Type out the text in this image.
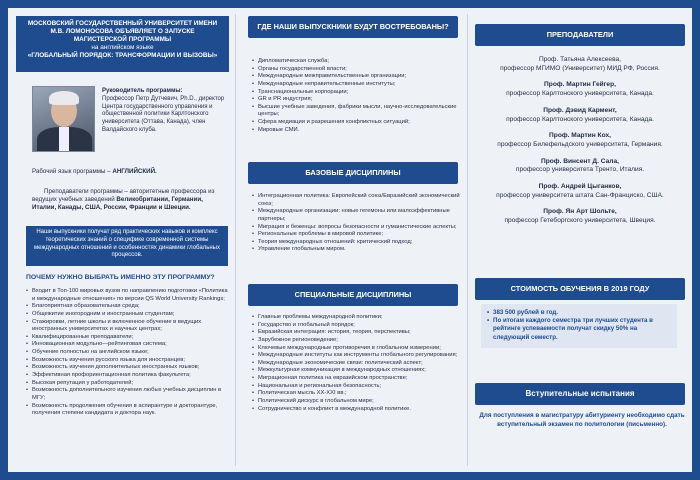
МОСКОВСКИЙ ГОСУДАРСТВЕННЫЙ УНИВЕРСИТЕТ ИМЕНИ
М.В. ЛОМОНОСОВА ОБЪЯВЛЯЕТ О ЗАПУСКЕ
МАГИСТЕРСКОЙ ПРОГРАММЫ
на английском языке
«ГЛОБАЛЬНЫЙ ПОРЯДОК: ТРАНСФОРМАЦИИ И ВЫЗОВЫ»
Руководитель программы:
Профессор Петр Дутчевич, Ph.D., директор Центра государственного управления и общественной политики Карлтонского университета (Оттава, Канада), член Валдайского клуба.
Рабочий язык программы – АНГЛИЙСКИЙ.
Преподаватели программы – авторитетные профессора из ведущих учебных заведений Великобритании, Германии, Италии, Канады, США, России, Франции и Швеции.
Наши выпускники получат ряд практических навыков и комплекс теоретических знаний о специфике современной системы международных отношений и особенностях динамики глобальных процессов.
ПОЧЕМУ НУЖНО ВЫБРАТЬ ИМЕННО ЭТУ ПРОГРАММУ?
• Входит в Топ-100 мировых вузов по направлению подготовки «Политика и международные отношения» по версии QS World University Rankings;
• Благоприятная образовательная среда;
• Общежитие иногородним и иностранным студентам;
• Стажировки, летние школы и включенное обучение в ведущих иностранных университетах и научных центрах;
• Квалифицированные преподаватели;
• Инновационная модульно—рейтинговая система;
• Обучение полностью на английском языке;
• Возможность изучения русского языка для иностранцев;
• Возможность изучения дополнительных иностранных языков;
• Эффективная профориентационная политика факультета;
• Высокая репутация у работодателей;
• Возможность дополнительного изучения любых учебных дисциплин в МГУ;
• Возможность продолжения обучения в аспирантуре и докторантуре, получения степени кандидата и доктора наук.
ГДЕ НАШИ ВЫПУСКНИКИ БУДУТ ВОСТРЕБОВАНЫ?
• Дипломатическая служба;
• Органы государственной власти;
• Международные межправительственные организации;
• Международные неправительственные институты;
• Транснациональные корпорации;
• GR и PR индустрия;
• Высшие учебные заведения, фабрики мысли, научно-исследовательские центры;
• Сфера медиации и разрешения конфликтных ситуаций;
• Мировые СМИ.
БАЗОВЫЕ ДИСЦИПЛИНЫ
• Интеграционная политика: Европейский союз/Евразийский экономический союз;
• Международные организации: новые гегемоны или малоэффективные партнеры;
• Миграция и беженцы: вопросы безопасности и гуманистические аспекты;
• Региональные проблемы в мировой политике;
• Теория международных отношений: критический подход;
• Управление глобальным миром.
СПЕЦИАЛЬНЫЕ ДИСЦИПЛИНЫ
• Главные проблемы международной политики;
• Государство и глобальный порядок;
• Евразийская интеграция: история, теория, перспективы;
• Зарубежное регионоведение;
• Ключевые международные противоречия в глобальном измерении;
• Международные институты как инструменты глобального регулирования;
• Международные экономические связи: политический аспект;
• Межкультурная коммуникация в международных отношениях;
• Миграционная политика на евразийском пространстве;
• Национальная и региональная безопасность;
• Политическая мысль XX-XXI вв.;
• Политический дискурс в глобальном мире;
• Сотрудничество и конфликт в международной политике.
ПРЕПОДАВАТЕЛИ
Проф. Татьяна Алексеева,
профессор МГИМО (Университет) МИД РФ, Россия.
Проф. Мартин Гейгер,
профессор Карлтонского университета, Канада.
Проф. Дэвид Кармент,
профессор Карлтонского университета, Канада.
Проф. Мартин Кох,
профессор Билефельдского университета, Германия.
Проф. Винсент Д. Сала,
профессор университета Тренто, Италия.
Проф. Андрей Цыганков,
профессор университета штата Сан-Франциско, США.
Проф. Ян Арт Шольте,
профессор Гетеборгского университета, Швеция.
СТОИМОСТЬ ОБУЧЕНИЯ В 2019 ГОДУ
• 383 500 рублей в год.
• По итогам каждого семестра три лучших студента в рейтинге успеваемости получат скидку 50% на следующий семестр.
Вступительные испытания
Для поступления в магистратуру абитуриенту необходимо сдать вступительный экзамен по политологии (письменно).
